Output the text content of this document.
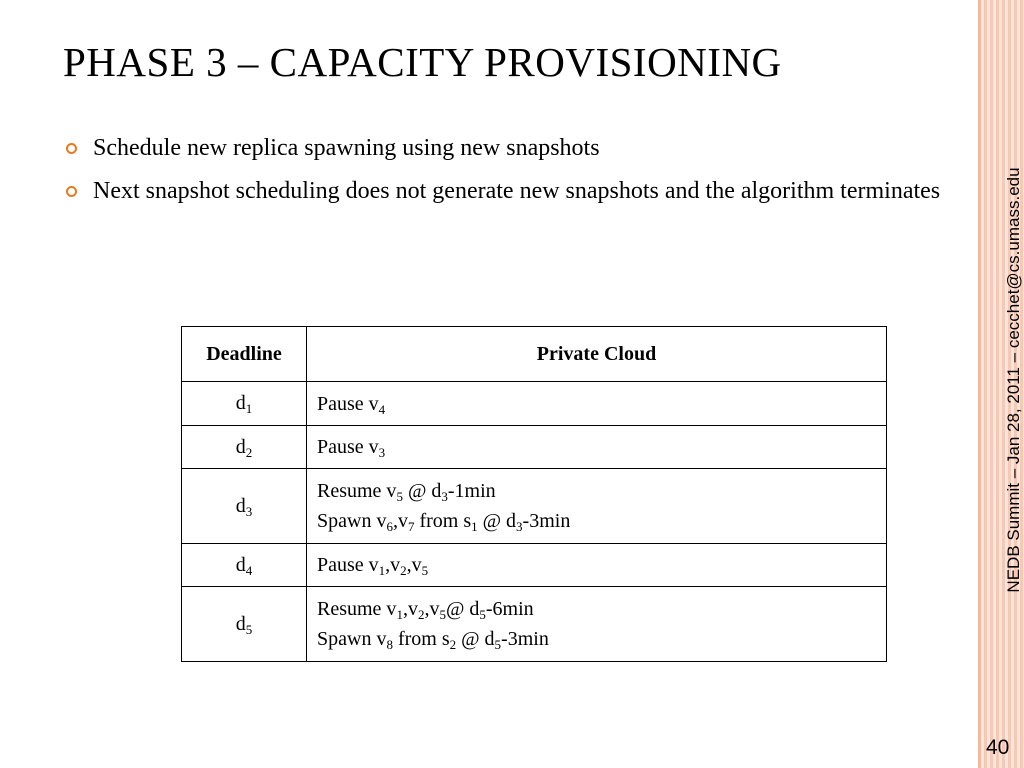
NEDB Summit – Jan 28, 2011 – cecchet@cs.umass.edu
PHASE 3 – CAPACITY PROVISIONING
Schedule new replica spawning using new snapshots
Next snapshot scheduling does not generate new snapshots and the algorithm terminates
Deadline	Private Cloud
$d_1$	Pause $v_4$

$d_2$	Pause $v_3$

$d_3$	Resume $v_5$ @ $d_3-1\min$
Spawn $v_6,v_7$ from $s_1$ @ $d_3-3\min$

$d_4$	Pause $v_1,v_2,v_5$

$d_5$	Resume $v_1,v_2,v_5@$ $d_5-6\min$
Spawn $v_8$ from $s_2$ @ $d_5-3\min$
40
